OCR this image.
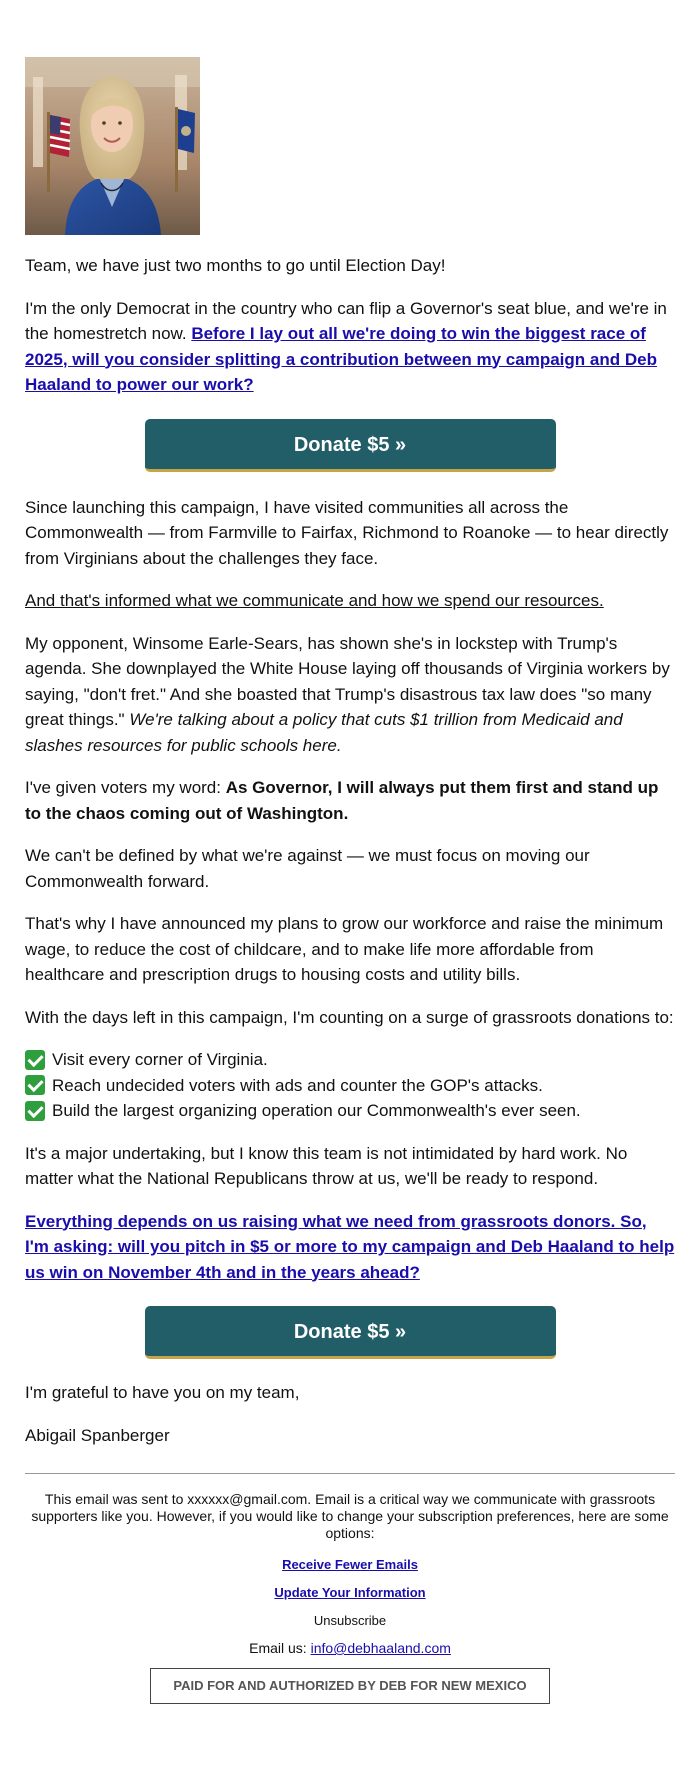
Team, we have just two months to go until Election Day!

I'm the only Democrat in the country who can flip a Governor's seat blue, and we're in the homestretch now. Before I lay out all we're doing to win the biggest race of 2025, will you consider splitting a contribution between my campaign and Deb Haaland to power our work?

Donate $5 »

Since launching this campaign, I have visited communities all across the Commonwealth — from Farmville to Fairfax, Richmond to Roanoke — to hear directly from Virginians about the challenges they face.

And that's informed what we communicate and how we spend our resources.

My opponent, Winsome Earle-Sears, has shown she's in lockstep with Trump's agenda. She downplayed the White House laying off thousands of Virginia workers by saying, "don't fret." And she boasted that Trump's disastrous tax law does "so many great things." We're talking about a policy that cuts $1 trillion from Medicaid and slashes resources for public schools here.

I've given voters my word: As Governor, I will always put them first and stand up to the chaos coming out of Washington.

We can't be defined by what we're against — we must focus on moving our Commonwealth forward.

That's why I have announced my plans to grow our workforce and raise the minimum wage, to reduce the cost of childcare, and to make life more affordable from healthcare and prescription drugs to housing costs and utility bills.

With the days left in this campaign, I'm counting on a surge of grassroots donations to:

Visit every corner of Virginia.
Reach undecided voters with ads and counter the GOP's attacks.
Build the largest organizing operation our Commonwealth's ever seen.

It's a major undertaking, but I know this team is not intimidated by hard work. No matter what the National Republicans throw at us, we'll be ready to respond.

Everything depends on us raising what we need from grassroots donors. So, I'm asking: will you pitch in $5 or more to my campaign and Deb Haaland to help us win on November 4th and in the years ahead?

Donate $5 »

I'm grateful to have you on my team,

Abigail Spanberger

This email was sent to xxxxxx@gmail.com. Email is a critical way we communicate with grassroots supporters like you. However, if you would like to change your subscription preferences, here are some options:

Receive Fewer Emails

Update Your Information

Unsubscribe

Email us: info@debhaaland.com

PAID FOR AND AUTHORIZED BY DEB FOR NEW MEXICO
